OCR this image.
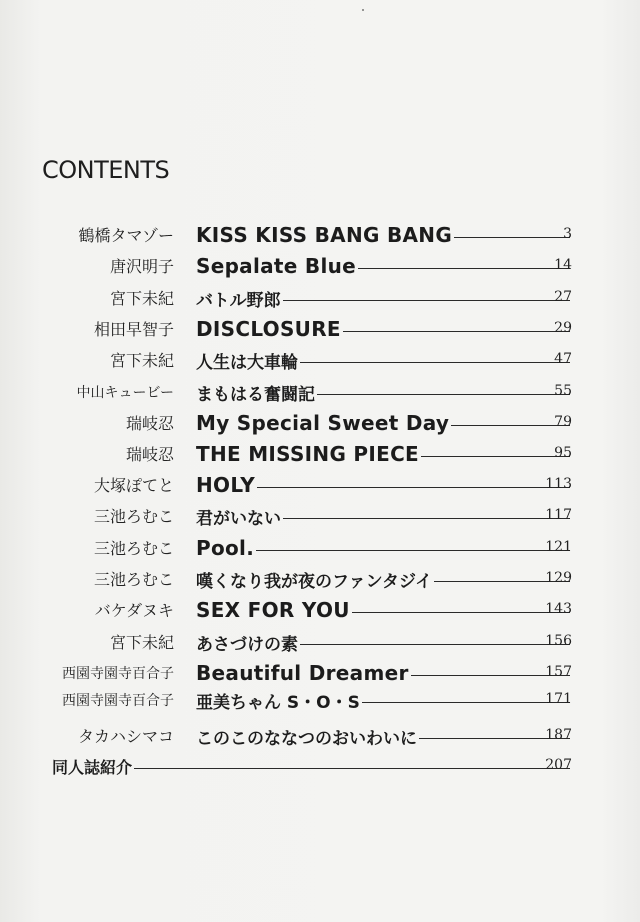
CONTENTS
鶴橋タマゾー KISS KISS BANG BANG	3
唐沢明子 Sepalate Blue	14
宮下未紀 バトル野郎	27
相田早智子 DISCLOSURE	29
宮下未紀 人生は大車輪	47
中山キュービー まもはる奮闘記	55
瑞岐忍 My Special Sweet Day	79
瑞岐忍 THE MISSING PIECE	95
大塚ぽてと HOLY	113
三池ろむこ 君がいない	117
三池ろむこ Pool.	121
三池ろむこ 嘆くなり我が夜のファンタジイ	129
バケダヌキ SEX FOR YOU	143
宮下未紀 あさづけの素	156
西園寺園寺百合子 Beautiful Dreamer	157
西園寺園寺百合子 亜美ちゃん S・O・S	171
タカハシマコ このこのななつのおいわいに	187
同人誌紹介	207
